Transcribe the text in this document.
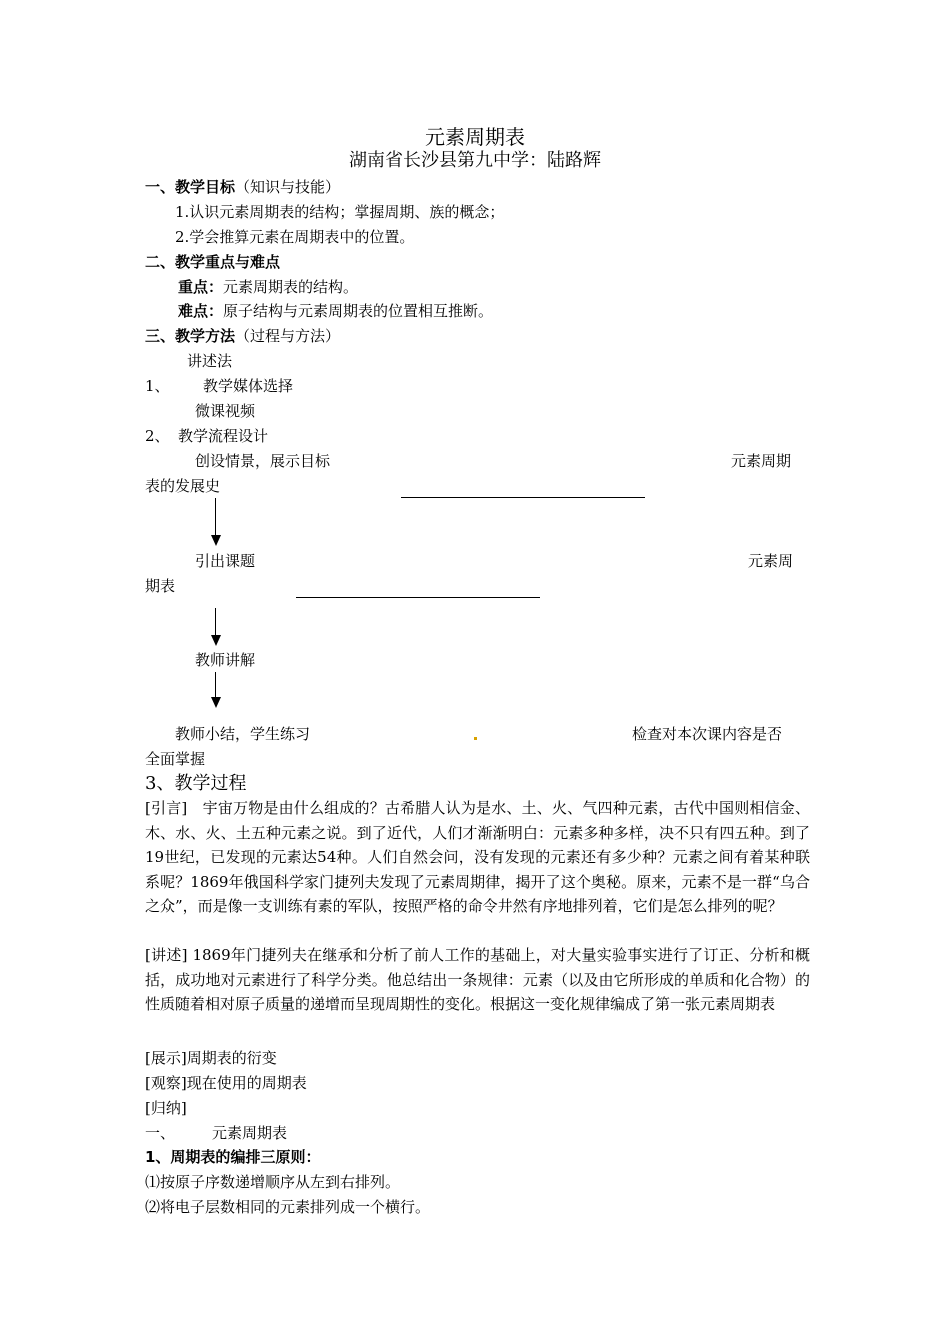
元素周期表
湖南省长沙县第九中学：陆路辉
一、教学目标（知识与技能）
1.认识元素周期表的结构；掌握周期、族的概念；
2.学会推算元素在周期表中的位置。
二、教学重点与难点
重点：元素周期表的结构。
难点：原子结构与元素周期表的位置相互推断。
三、教学方法（过程与方法）
讲述法
1、 教学媒体选择
微课视频
2、 教学流程设计
创设情景，展示目标	元素周期
表的发展史
引出课题	元素周
期表
教师讲解
教师小结，学生练习	检查对本次课内容是否
全面掌握
3、教学过程
[引言]　宇宙万物是由什么组成的？古希腊人认为是水、土、火、气四种元素，古代中国则相信金、木、水、火、土五种元素之说。到了近代，人们才渐渐明白：元素多种多样，决不只有四五种。到了19世纪，已发现的元素达54种。人们自然会问，没有发现的元素还有多少种？元素之间有着某种联系呢？1869年俄国科学家门捷列夫发现了元素周期律，揭开了这个奥秘。原来，元素不是一群“乌合之众”，而是像一支训练有素的军队，按照严格的命令井然有序地排列着，它们是怎么排列的呢？
[讲述] 1869年门捷列夫在继承和分析了前人工作的基础上，对大量实验事实进行了订正、分析和概括，成功地对元素进行了科学分类。他总结出一条规律：元素（以及由它所形成的单质和化合物）的性质随着相对原子质量的递增而呈现周期性的变化。根据这一变化规律编成了第一张元素周期表
[展示]周期表的衍变
[观察]现在使用的周期表
[归纳]
一、 元素周期表
1、周期表的编排三原则：
⑴按原子序数递增顺序从左到右排列。
⑵将电子层数相同的元素排列成一个横行。
